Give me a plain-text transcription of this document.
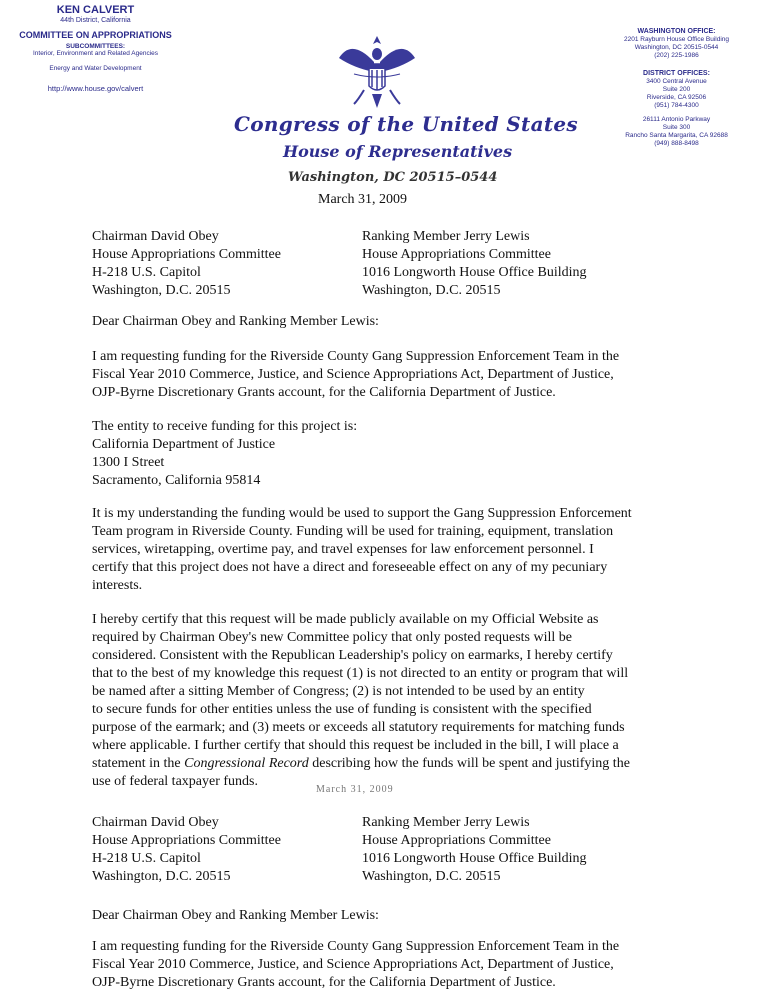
KEN CALVERT
44th District, California
COMMITTEE ON APPROPRIATIONS
SUBCOMMITTEES:
Interior, Environment and Related Agencies
Energy and Water Development
http://www.house.gov/calvert
WASHINGTON OFFICE:
2201 Rayburn House Office Building
Washington, DC 20515-0544
(202) 225-1986
DISTRICT OFFICES:
3400 Central Avenue
Suite 200
Riverside, CA 92506
(951) 784-4300
26111 Antonio Parkway
Suite 300
Rancho Santa Margarita, CA 92688
(949) 888-8498
Congress of the United States
House of Representatives
Washington, DC 20515–0544
March 31, 2009
Chairman David Obey
House Appropriations Committee
H-218 U.S. Capitol
Washington, D.C. 20515
Ranking Member Jerry Lewis
House Appropriations Committee
1016 Longworth House Office Building
Washington, D.C. 20515
Dear Chairman Obey and Ranking Member Lewis:
I am requesting funding for the Riverside County Gang Suppression Enforcement Team in the
Fiscal Year 2010 Commerce, Justice, and Science Appropriations Act, Department of Justice,
OJP-Byrne Discretionary Grants account, for the California Department of Justice.
The entity to receive funding for this project is:
California Department of Justice
1300 I Street
Sacramento, California 95814
It is my understanding the funding would be used to support the Gang Suppression Enforcement
Team program in Riverside County. Funding will be used for training, equipment, translation
services, wiretapping, overtime pay, and travel expenses for law enforcement personnel. I
certify that this project does not have a direct and foreseeable effect on any of my pecuniary
interests.
I hereby certify that this request will be made publicly available on my Official Website as
required by Chairman Obey's new Committee policy that only posted requests will be
considered. Consistent with the Republican Leadership's policy on earmarks, I hereby certify
that to the best of my knowledge this request (1) is not directed to an entity or program that will
be named after a sitting Member of Congress; (2) is not intended to be used by an entity
to secure funds for other entities unless the use of funding is consistent with the specified
purpose of the earmark; and (3) meets or exceeds all statutory requirements for matching funds
where applicable. I further certify that should this request be included in the bill, I will place a
statement in the Congressional Record describing how the funds will be spent and justifying the
use of federal taxpayer funds.
March 31, 2009
Chairman David Obey
House Appropriations Committee
H-218 U.S. Capitol
Washington, D.C. 20515
Ranking Member Jerry Lewis
House Appropriations Committee
1016 Longworth House Office Building
Washington, D.C. 20515
Dear Chairman Obey and Ranking Member Lewis:
I am requesting funding for the Riverside County Gang Suppression Enforcement Team in the
Fiscal Year 2010 Commerce, Justice, and Science Appropriations Act, Department of Justice,
OJP-Byrne Discretionary Grants account, for the California Department of Justice.
